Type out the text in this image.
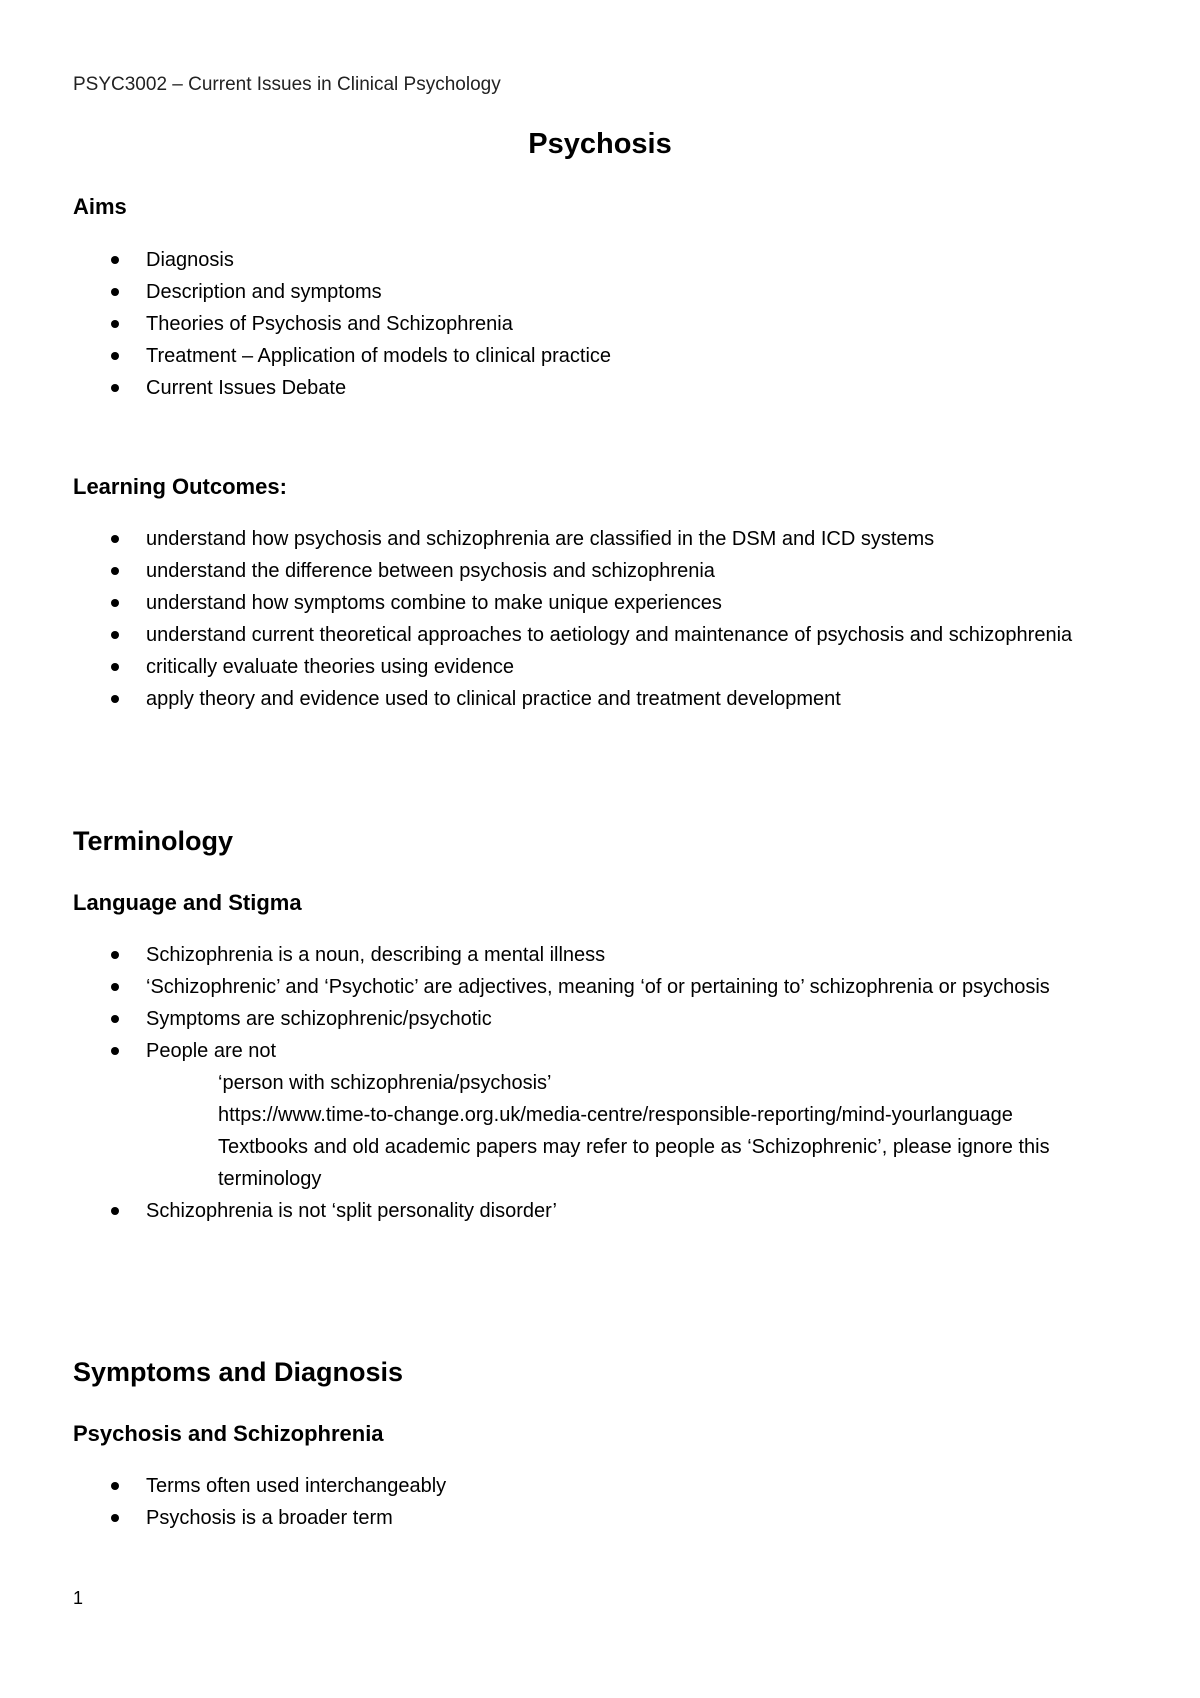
PSYC3002 – Current Issues in Clinical Psychology
Psychosis
Aims
Diagnosis
Description and symptoms
Theories of Psychosis and Schizophrenia
Treatment – Application of models to clinical practice
Current Issues Debate
Learning Outcomes:
understand how psychosis and schizophrenia are classified in the DSM and ICD systems
understand the difference between psychosis and schizophrenia
understand how symptoms combine to make unique experiences
understand current theoretical approaches to aetiology and maintenance of psychosis and schizophrenia
critically evaluate theories using evidence
apply theory and evidence used to clinical practice and treatment development
Terminology
Language and Stigma
Schizophrenia is a noun, describing a mental illness
‘Schizophrenic’ and ‘Psychotic’ are adjectives, meaning ‘of or pertaining to’ schizophrenia or psychosis
Symptoms are schizophrenic/psychotic
People are not
‘person with schizophrenia/psychosis’
https://www.time-to-change.org.uk/media-centre/responsible-reporting/mind-yourlanguage
Textbooks and old academic papers may refer to people as ‘Schizophrenic’, please ignore this terminology
Schizophrenia is not ‘split personality disorder’
Symptoms and Diagnosis
Psychosis and Schizophrenia
Terms often used interchangeably
Psychosis is a broader term
1
